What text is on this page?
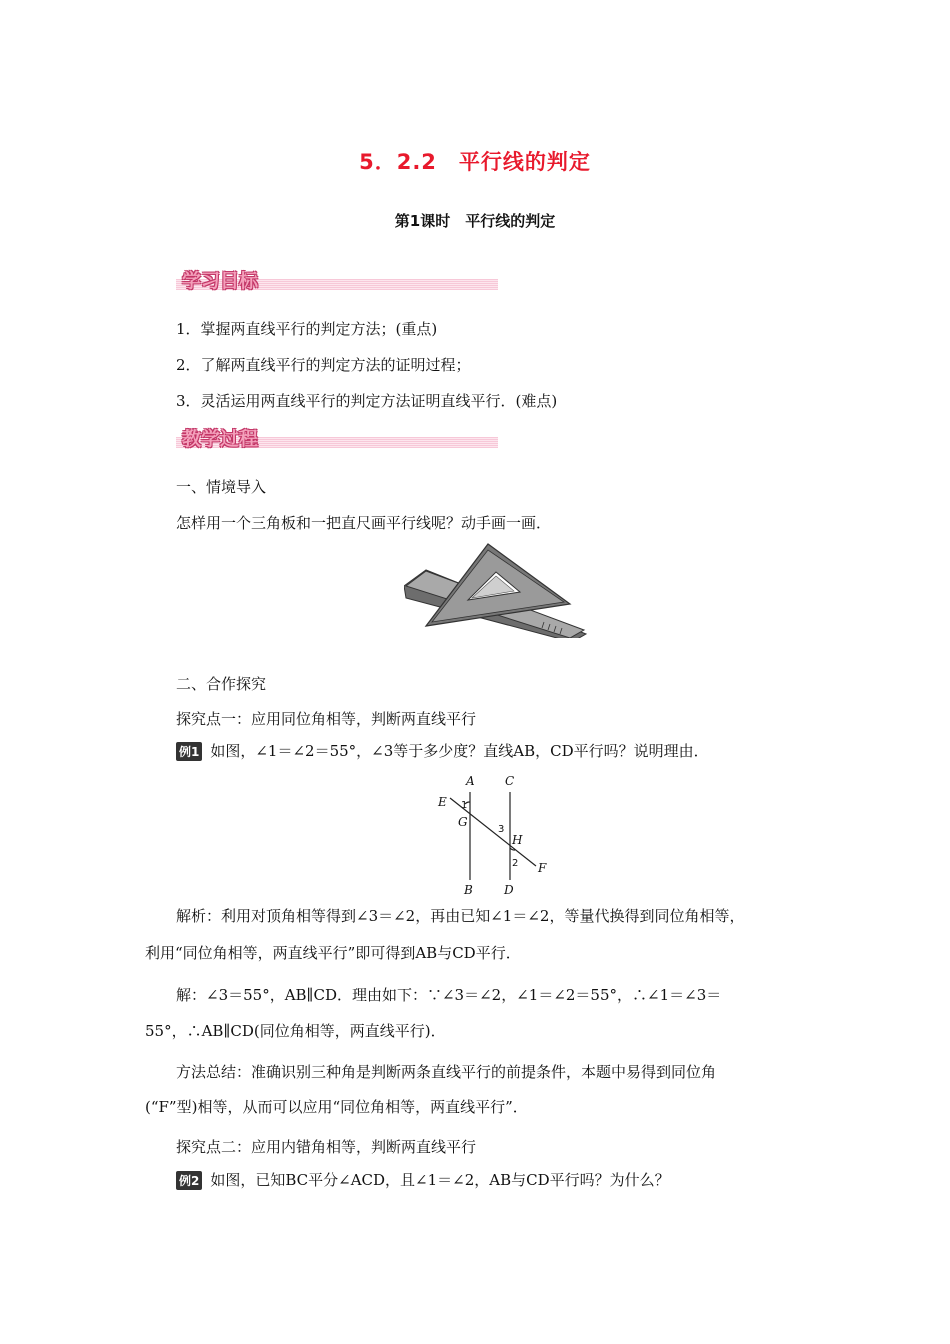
5．2.2　平行线的判定
第1课时　平行线的判定
学习目标
1．掌握两直线平行的判定方法；(重点)
2．了解两直线平行的判定方法的证明过程；
3．灵活运用两直线平行的判定方法证明直线平行．(难点)
教学过程
一、情境导入
怎样用一个三角板和一把直尺画平行线呢？动手画一画．
二、合作探究
探究点一：应用同位角相等，判断两直线平行
例1 如图，∠1＝∠2＝55°，∠3等于多少度？直线AB，CD平行吗？说明理由．
A	C
E
G
H
F
B	D
1
3
2
解析：利用对顶角相等得到∠3＝∠2，再由已知∠1＝∠2，等量代换得到同位角相等，
利用“同位角相等，两直线平行”即可得到AB与CD平行．
解：∠3＝55°，AB∥CD．理由如下：∵∠3＝∠2，∠1＝∠2＝55°，∴∠1＝∠3＝
55°，∴AB∥CD(同位角相等，两直线平行)．
方法总结：准确识别三种角是判断两条直线平行的前提条件，本题中易得到同位角
(“F”型)相等，从而可以应用“同位角相等，两直线平行”．
探究点二：应用内错角相等，判断两直线平行
例2 如图，已知BC平分∠ACD，且∠1＝∠2，AB与CD平行吗？为什么？
